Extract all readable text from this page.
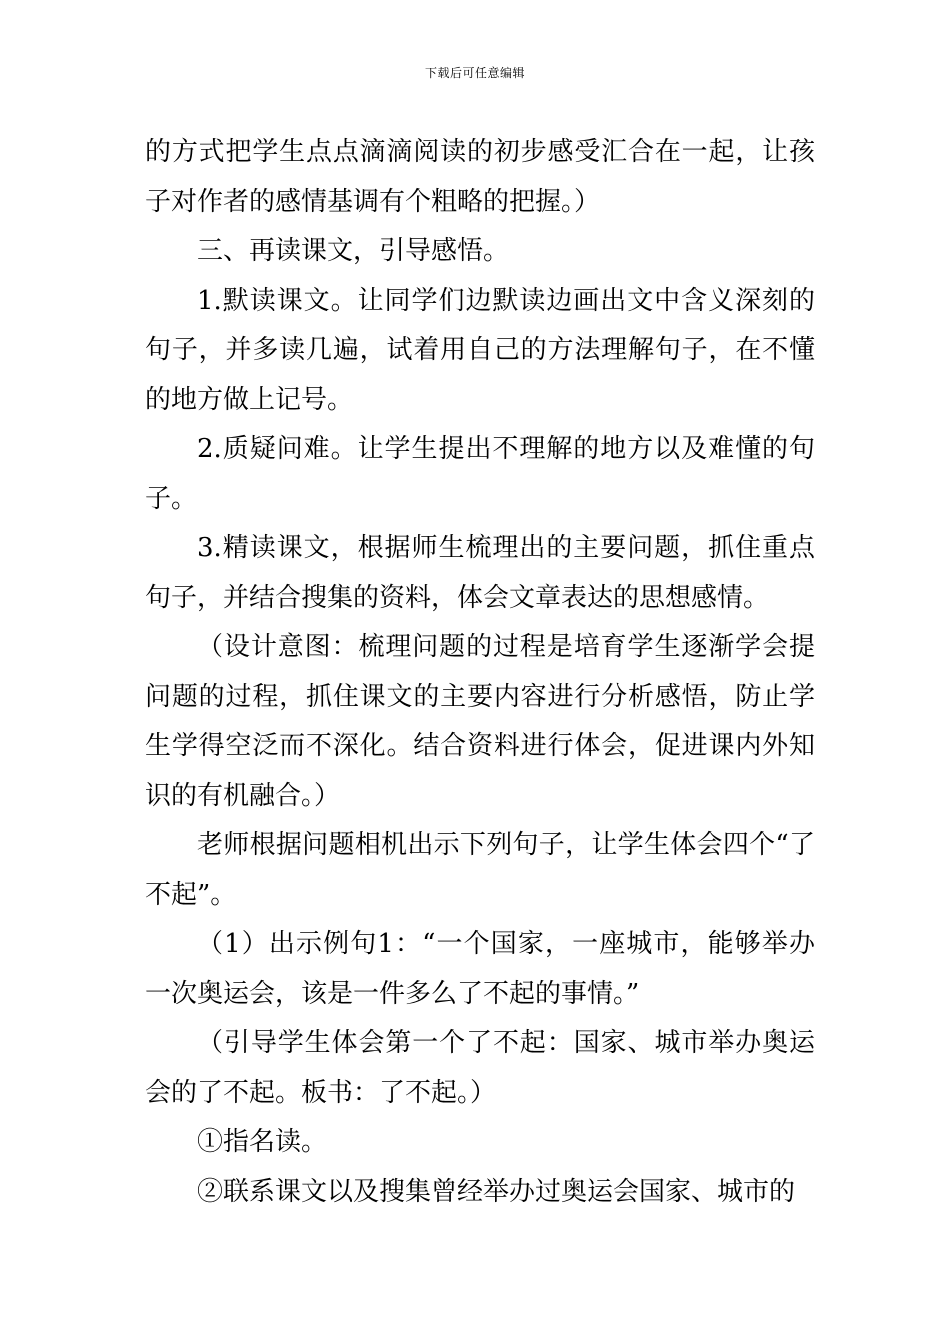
下载后可任意编辑

的方式把学生点点滴滴阅读的初步感受汇合在一起，让孩子对作者的感情基调有个粗略的把握。）

三、再读课文，引导感悟。

1.默读课文。让同学们边默读边画出文中含义深刻的句子，并多读几遍，试着用自己的方法理解句子，在不懂的地方做上记号。

2.质疑问难。让学生提出不理解的地方以及难懂的句子。

3.精读课文，根据师生梳理出的主要问题，抓住重点句子，并结合搜集的资料，体会文章表达的思想感情。

（设计意图：梳理问题的过程是培育学生逐渐学会提问题的过程，抓住课文的主要内容进行分析感悟，防止学生学得空泛而不深化。结合资料进行体会，促进课内外知识的有机融合。）

老师根据问题相机出示下列句子，让学生体会四个“了不起”。

（1）出示例句1：“一个国家，一座城市，能够举办一次奥运会，该是一件多么了不起的事情。”

（引导学生体会第一个了不起：国家、城市举办奥运会的了不起。板书：了不起。）

①指名读。

②联系课文以及搜集曾经举办过奥运会国家、城市的
